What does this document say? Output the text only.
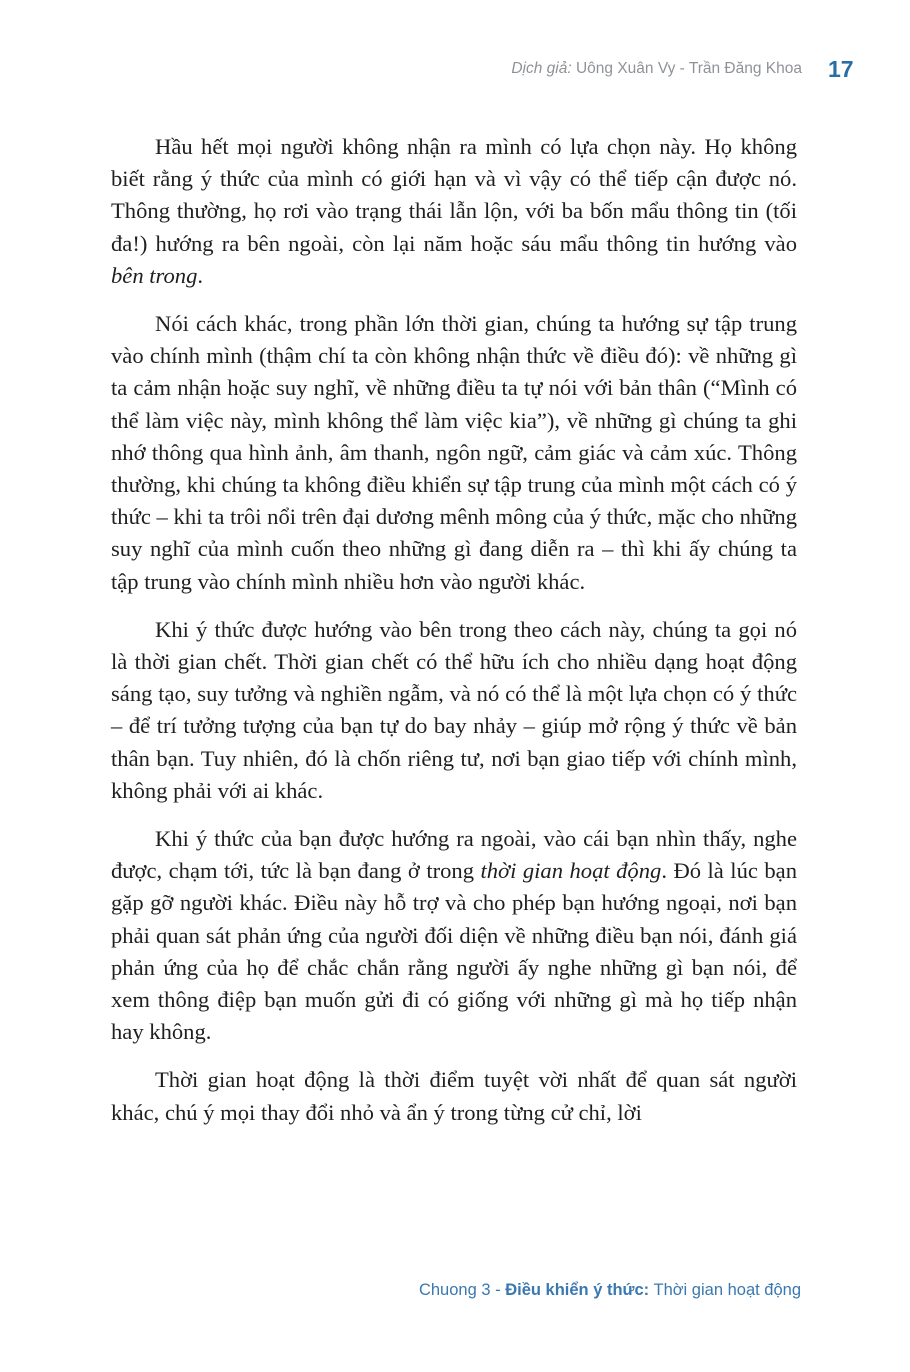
Dịch giả:
Uông Xuân Vy - Trần Đăng Khoa 17

Hầu hết mọi người không nhận ra mình có lựa chọn này. Họ không biết rằng ý thức của mình có giới hạn và vì vậy có thể tiếp cận được nó. Thông thường, họ rơi vào trạng thái lẫn lộn, với ba bốn mẩu thông tin (tối đa!) hướng ra bên ngoài, còn lại năm hoặc sáu mẩu thông tin hướng vào bên trong.

Nói cách khác, trong phần lớn thời gian, chúng ta hướng sự tập trung vào chính mình (thậm chí ta còn không nhận thức về điều đó): về những gì ta cảm nhận hoặc suy nghĩ, về những điều ta tự nói với bản thân (“Mình có thể làm việc này, mình không thể làm việc kia”), về những gì chúng ta ghi nhớ thông qua hình ảnh, âm thanh, ngôn ngữ, cảm giác và cảm xúc. Thông thường, khi chúng ta không điều khiển sự tập trung của mình một cách có ý thức – khi ta trôi nổi trên đại dương mênh mông của ý thức, mặc cho những suy nghĩ của mình cuốn theo những gì đang diễn ra – thì khi ấy chúng ta tập trung vào chính mình nhiều hơn vào người khác.

Khi ý thức được hướng vào bên trong theo cách này, chúng ta gọi nó là thời gian chết. Thời gian chết có thể hữu ích cho nhiều dạng hoạt động sáng tạo, suy tưởng và nghiền ngẫm, và nó có thể là một lựa chọn có ý thức – để trí tưởng tượng của bạn tự do bay nhảy – giúp mở rộng ý thức về bản thân bạn. Tuy nhiên, đó là chốn riêng tư, nơi bạn giao tiếp với chính mình, không phải với ai khác.

Khi ý thức của bạn được hướng ra ngoài, vào cái bạn nhìn thấy, nghe được, chạm tới, tức là bạn đang ở trong thời gian hoạt động. Đó là lúc bạn gặp gỡ người khác. Điều này hỗ trợ và cho phép bạn hướng ngoại, nơi bạn phải quan sát phản ứng của người đối diện về những điều bạn nói, đánh giá phản ứng của họ để chắc chắn rằng người ấy nghe những gì bạn nói, để xem thông điệp bạn muốn gửi đi có giống với những gì mà họ tiếp nhận hay không.

Thời gian hoạt động là thời điểm tuyệt vời nhất để quan sát người khác, chú ý mọi thay đổi nhỏ và ẩn ý trong từng cử chỉ, lời

Chuong 3 - Điều khiển ý thức: Thời gian hoạt động
